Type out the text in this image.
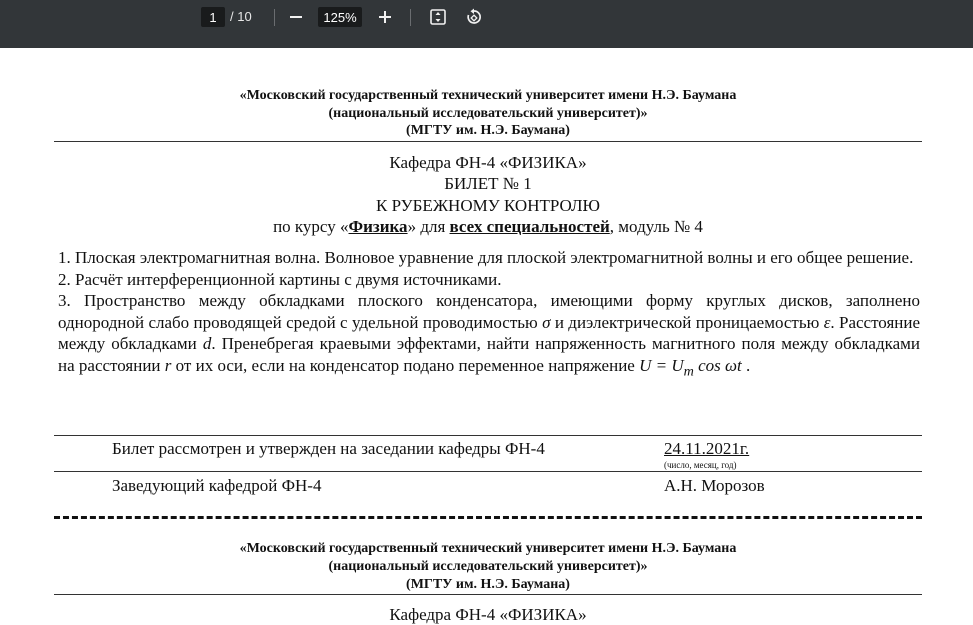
1	/ 10	125%
«Московский государственный технический университет имени Н.Э. Баумана
(национальный исследовательский университет)»
(МГТУ им. Н.Э. Баумана)
Кафедра ФН-4 «ФИЗИКА»
БИЛЕТ № 1
К РУБЕЖНОМУ КОНТРОЛЮ
по курсу «Физика» для всех специальностей, модуль № 4

1. Плоская электромагнитная волна. Волновое уравнение для плоской электромагнитной волны и его общее решение.

2. Расчёт интерференционной картины с двумя источниками.

3. Пространство между обкладками плоского конденсатора, имеющими форму круглых дисков, заполнено однородной слабо проводящей средой с удельной проводимостью σ и диэлектрической проницаемостью ε. Расстояние между обкладками d. Пренебрегая краевыми эффектами, найти напряженность магнитного поля между обкладками на расстоянии r от их оси, если на конденсатор подано переменное напряжение $U = U_m$ cos ωt .

Билет рассмотрен и утвержден на заседании кафедры ФН-4	24.11.2021г.
(число, месяц, год)
Заведующий кафедрой ФН-4	А.Н. Морозов
«Московский государственный технический университет имени Н.Э. Баумана
(национальный исследовательский университет)»
(МГТУ им. Н.Э. Баумана)
Кафедра ФН-4 «ФИЗИКА»
